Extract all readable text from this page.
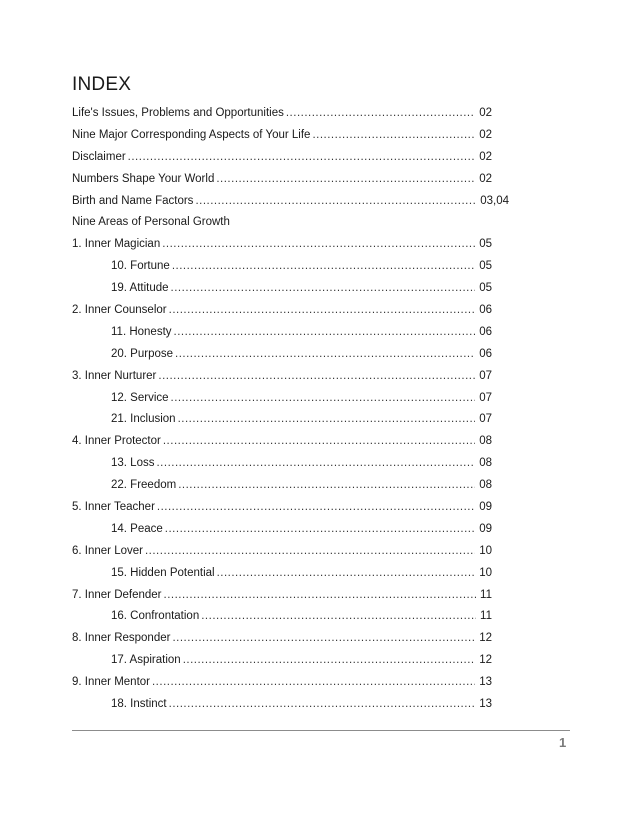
INDEX
Life's Issues, Problems and Opportunities .....	02
Nine Major Corresponding Aspects of Your Life .....	02
Disclaimer .....	02
Numbers Shape Your World .....	02
Birth and Name Factors .....	03,04
Nine Areas of Personal Growth
1. Inner Magician .....	05
10. Fortune .....	05
19. Attitude .....	05
2. Inner Counselor .....	06
11. Honesty .....	06
20. Purpose .....	06
3. Inner Nurturer .....	07
12. Service .....	07
21. Inclusion .....	07
4. Inner Protector .....	08
13. Loss .....	08
22. Freedom .....	08
5. Inner Teacher .....	09
14. Peace .....	09
6. Inner Lover .....	10
15. Hidden Potential .....	10
7. Inner Defender .....	11
16. Confrontation .....	11
8. Inner Responder .....	12
17. Aspiration .....	12
9. Inner Mentor .....	13
18. Instinct .....	13
1
